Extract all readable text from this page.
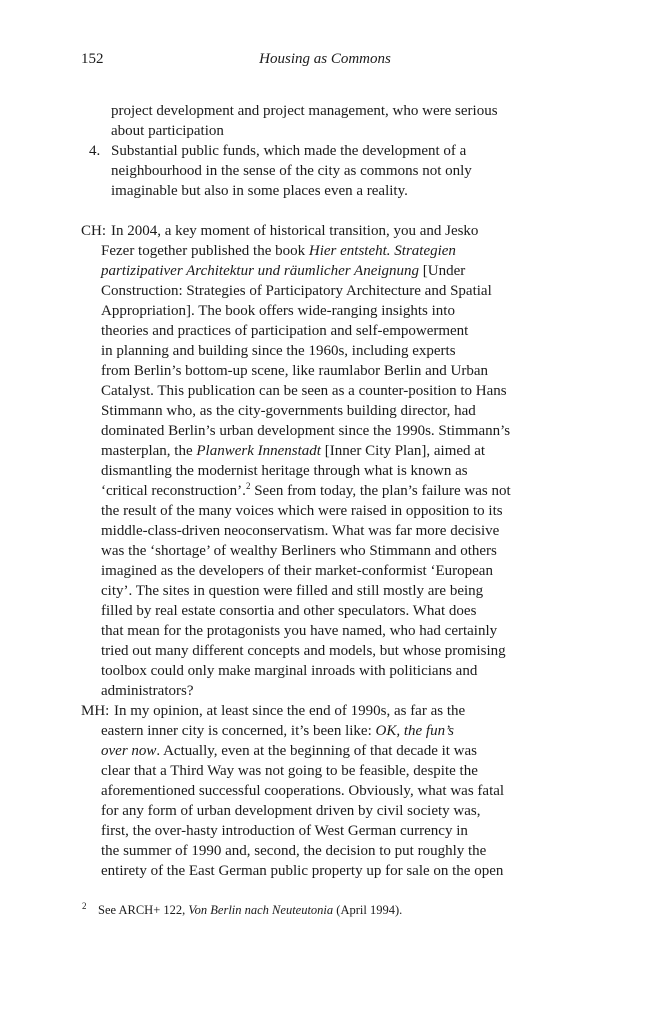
152	Housing as Commons
project development and project management, who were serious
about participation
4. Substantial public funds, which made the development of a
neighbourhood in the sense of the city as commons not only
imaginable but also in some places even a reality.
CH: In 2004, a key moment of historical transition, you and Jesko
Fezer together published the book Hier entsteht. Strategien
partizipativer Architektur und räumlicher Aneignung [Under
Construction: Strategies of Participatory Architecture and Spatial
Appropriation]. The book offers wide-ranging insights into
theories and practices of participation and self-empowerment
in planning and building since the 1960s, including experts
from Berlin’s bottom-up scene, like raumlabor Berlin and Urban
Catalyst. This publication can be seen as a counter-position to Hans
Stimmann who, as the city-governments building director, had
dominated Berlin’s urban development since the 1990s. Stimmann’s
masterplan, the Planwerk Innenstadt [Inner City Plan], aimed at
dismantling the modernist heritage through what is known as
‘critical reconstruction’.$^2$ Seen from today, the plan’s failure was not
the result of the many voices which were raised in opposition to its
middle-class-driven neoconservatism. What was far more decisive
was the ‘shortage’ of wealthy Berliners who Stimmann and others
imagined as the developers of their market-conformist ‘European
city’. The sites in question were filled and still mostly are being
filled by real estate consortia and other speculators. What does
that mean for the protagonists you have named, who had certainly
tried out many different concepts and models, but whose promising
toolbox could only make marginal inroads with politicians and
administrators?
MH: In my opinion, at least since the end of 1990s, as far as the
eastern inner city is concerned, it’s been like: OK, the fun’s
over now. Actually, even at the beginning of that decade it was
clear that a Third Way was not going to be feasible, despite the
aforementioned successful cooperations. Obviously, what was fatal
for any form of urban development driven by civil society was,
first, the over-hasty introduction of West German currency in
the summer of 1990 and, second, the decision to put roughly the
entirety of the East German public property up for sale on the open
2 See ARCH+ 122, Von Berlin nach Neuteutonia (April 1994).
